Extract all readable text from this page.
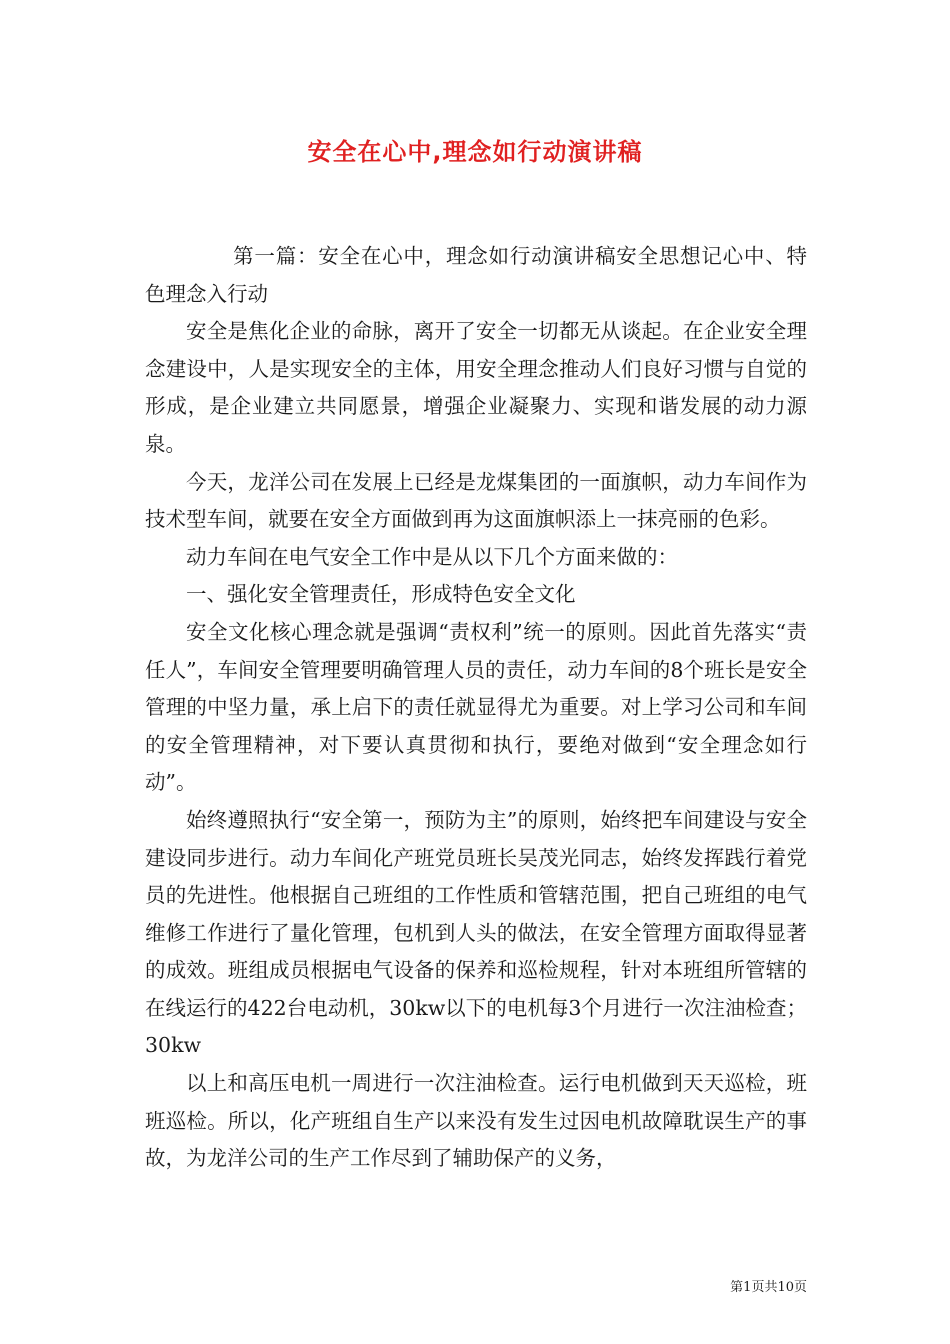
安全在心中,理念如行动演讲稿

第一篇：安全在心中，理念如行动演讲稿安全思想记心中、特色理念入行动

安全是焦化企业的命脉，离开了安全一切都无从谈起。在企业安全理念建设中，人是实现安全的主体，用安全理念推动人们良好习惯与自觉的形成，是企业建立共同愿景，增强企业凝聚力、实现和谐发展的动力源泉。

今天，龙洋公司在发展上已经是龙煤集团的一面旗帜，动力车间作为技术型车间，就要在安全方面做到再为这面旗帜添上一抹亮丽的色彩。

动力车间在电气安全工作中是从以下几个方面来做的：

一、强化安全管理责任，形成特色安全文化

安全文化核心理念就是强调“责权利”统一的原则。因此首先落实“责任人”，车间安全管理要明确管理人员的责任，动力车间的8个班长是安全管理的中坚力量，承上启下的责任就显得尤为重要。对上学习公司和车间的安全管理精神，对下要认真贯彻和执行，要绝对做到“安全理念如行动”。

始终遵照执行“安全第一，预防为主”的原则，始终把车间建设与安全建设同步进行。动力车间化产班党员班长吴茂光同志，始终发挥践行着党员的先进性。他根据自己班组的工作性质和管辖范围，把自己班组的电气维修工作进行了量化管理，包机到人头的做法，在安全管理方面取得显著的成效。班组成员根据电气设备的保养和巡检规程，针对本班组所管辖的在线运行的422台电动机，30kw以下的电机每3个月进行一次注油检查；30kw

以上和高压电机一周进行一次注油检查。运行电机做到天天巡检，班班巡检。所以，化产班组自生产以来没有发生过因电机故障耽误生产的事故，为龙洋公司的生产工作尽到了辅助保产的义务，

第1页共10页
